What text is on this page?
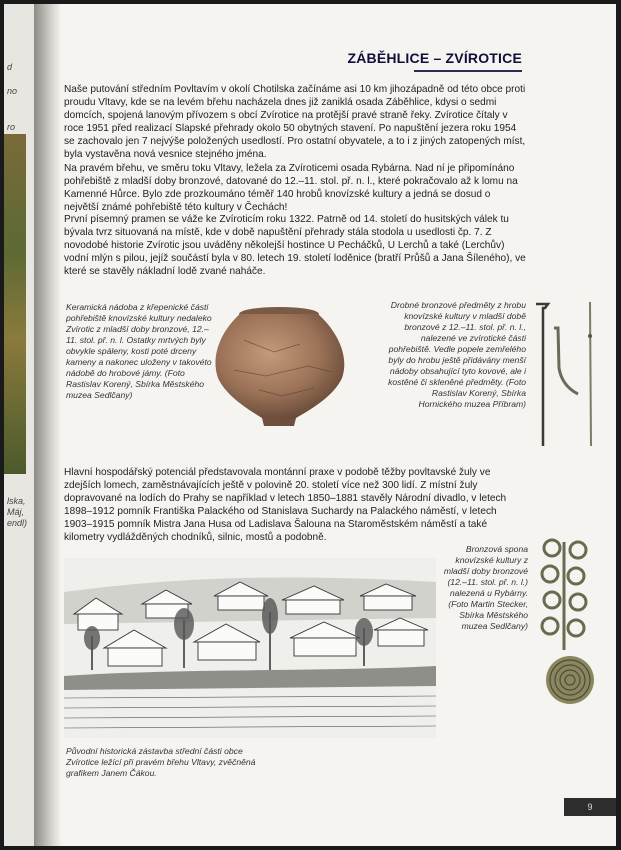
d
no
ro
lska,
Máj,
endl)
ZÁBĚHLICE – ZVÍROTICE

Naše putování středním Povltavím v okolí Chotilska začínáme asi 10 km jihozápadně od této obce proti proudu Vltavy, kde se na levém břehu nacházela dnes již zaniklá osada Záběhlice, kdysi o sedmi domcích, spojená lanovým přívozem s obcí Zvírotice na protější pravé straně řeky. Zvírotice čítaly v roce 1951 před realizací Slapské přehrady okolo 50 obytných stavení. Po napuštění jezera roku 1954 se zachovalo jen 7 nejvýše položených usedlostí. Pro ostatní obyvatele, a to i z jiných zatopených míst, byla vystavěna nová vesnice stejného jména.

Na pravém břehu, ve směru toku Vltavy, ležela za Zvíroticemi osada Rybárna. Nad ní je připomínáno pohřebiště z mladší doby bronzové, datované do 12.–11. stol. př. n. l., které pokračovalo až k lomu na Kamenné Hůrce. Bylo zde prozkoumáno téměř 140 hrobů knovízské kultury a jedná se dosud o největší známé pohřebiště této kultury v Čechách!

První písemný pramen se váže ke Zvíroticím roku 1322. Patrně od 14. století do husitských válek tu bývala tvrz situovaná na místě, kde v době napuštění přehrady stála stodola u usedlosti čp. 7. Z novodobé historie Zvírotic jsou uváděny několejší hostince U Pecháčků, U Lerchů a také (Lerchův) vodní mlýn s pilou, jejíž součástí byla v 80. letech 19. století loděnice (bratří Průšů a Jana Šíleného), ve které se stavěly nákladní lodě zvané naháče.

Keramická nádoba z křepenické části pohřebiště knovízské kultury nedaleko Zvírotic z mladší doby bronzové, 12.–11. stol. př. n. l. Ostatky mrtvých byly obvykle spáleny, kosti poté drceny kameny a nakonec uloženy v takovéto nádobě do hrobové jámy. (Foto Rastislav Korený, Sbírka Městského muzea Sedlčany)

Drobné bronzové předměty z hrobu knovízské kultury v mladší době bronzové z 12.–11. stol. př. n. l., nalezené ve zvírotické části pohřebiště. Vedle popele zemřelého byly do hrobu ještě přidávány menší nádoby obsahující tyto kovové, ale i kostěné či skleněné předměty. (Foto Rastislav Korený, Sbírka Hornického muzea Příbram)

Hlavní hospodářský potenciál představovala montánní praxe v podobě těžby povltavské žuly ve zdejších lomech, zaměstnávajících ještě v polovině 20. století více než 300 lidí. Z místní žuly dopravované na lodích do Prahy se například v letech 1850–1881 stavěly Národní divadlo, v letech 1898–1912 pomník Františka Palackého od Stanislava Suchardy na Palackého náměstí, v letech 1903–1915 pomník Mistra Jana Husa od Ladislava Šalouna na Staroměstském náměstí a také kilometry vydlážděných chodníků, silnic, mostů a podobně.

Původní historická zástavba střední části obce Zvírotice ležící při pravém břehu Vltavy, zvěčněná grafikem Janem Čákou.

Bronzová spona knovízské kultury z mladší doby bronzové (12.–11. stol. př. n. l.) nalezená u Rybárny. (Foto Martin Stecker, Sbírka Městského muzea Sedlčany)

9
